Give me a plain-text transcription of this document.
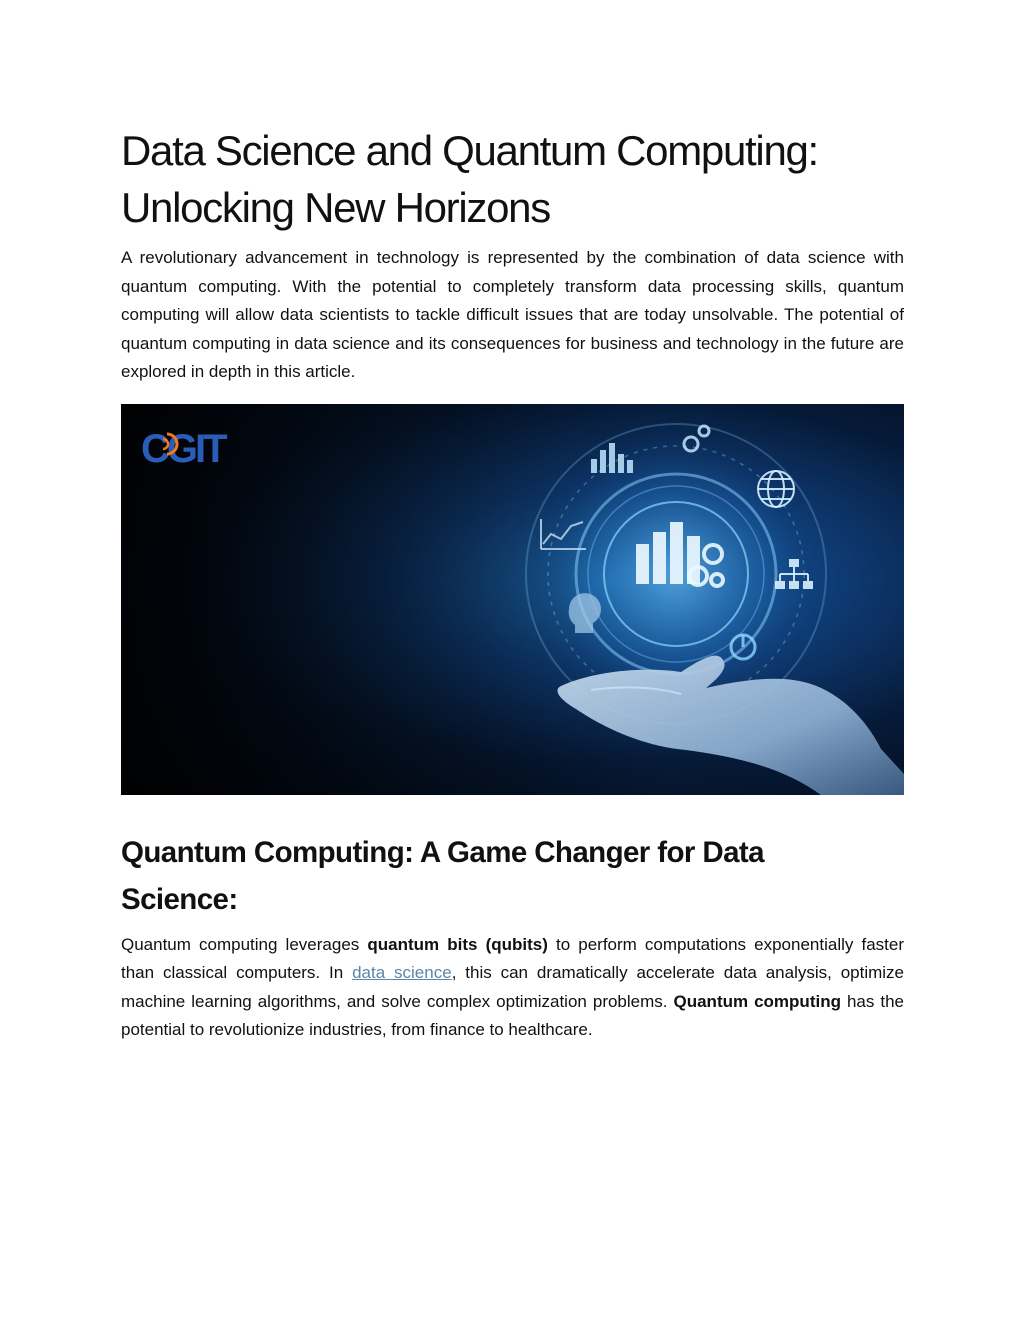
Data Science and Quantum Computing:
Unlocking New Horizons

A revolutionary advancement in technology is represented by the combination of data science with quantum computing. With the potential to completely transform data processing skills, quantum computing will allow data scientists to tackle difficult issues that are today unsolvable. The potential of quantum computing in data science and its consequences for business and technology in the future are explored in depth in this article.

CGIT
Quantum Computing: A Game Changer for Data
Science:

Quantum computing leverages quantum bits (qubits) to perform computations exponentially faster than classical computers. In data science, this can dramatically accelerate data analysis, optimize machine learning algorithms, and solve complex optimization problems. Quantum computing has the potential to revolutionize industries, from finance to healthcare.
